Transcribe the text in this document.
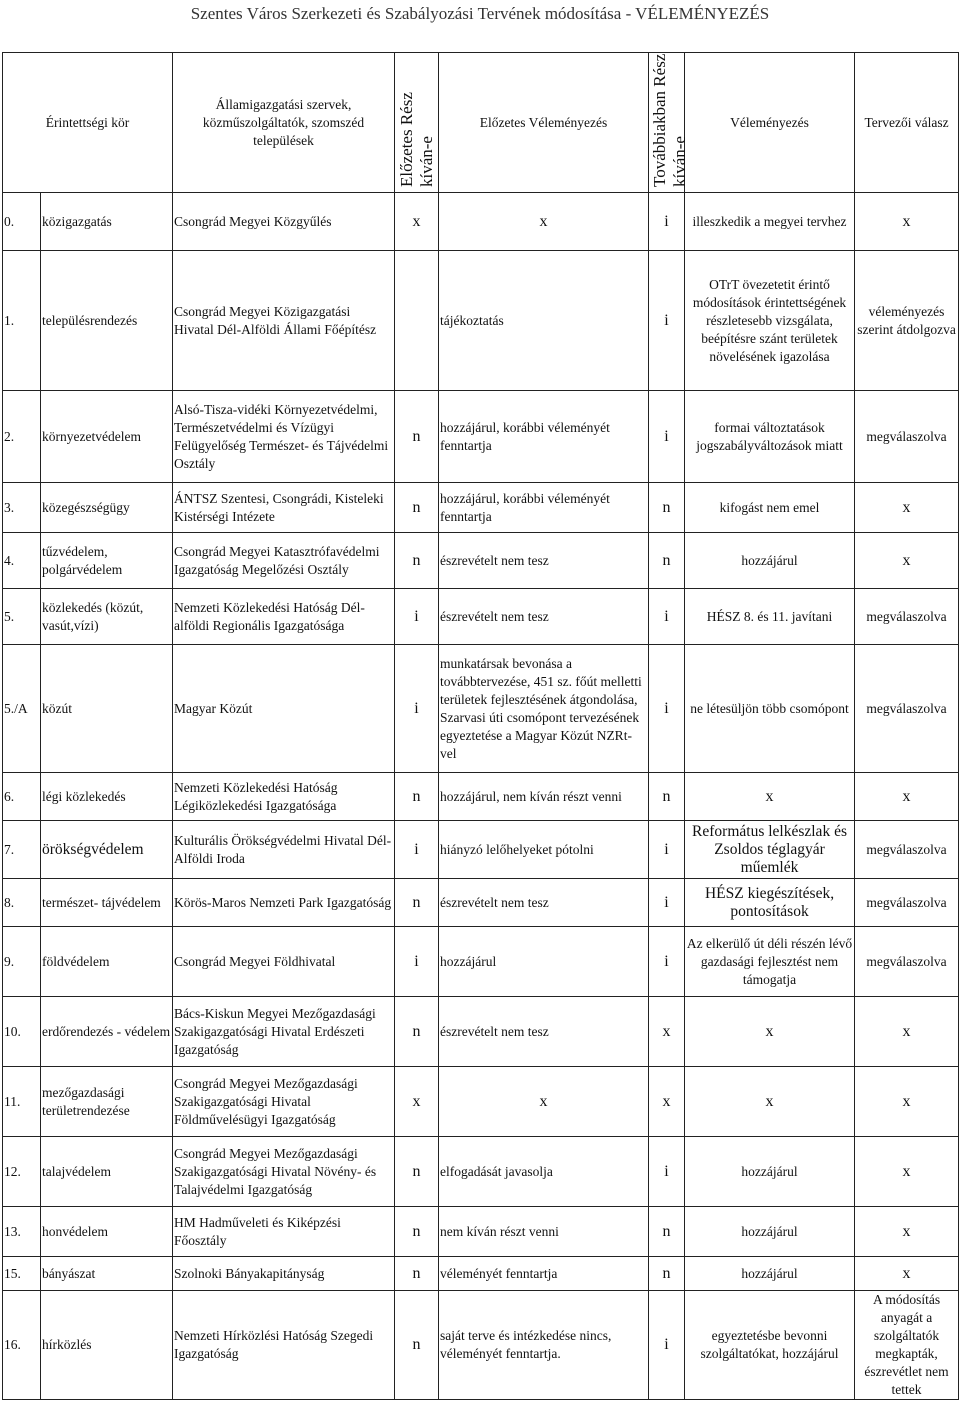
Szentes Város Szerkezeti és Szabályozási Tervének módosítása - VÉLEMÉNYEZÉS
Érintettségi kör		Államigazgatási szervek, közműszolgáltatók, szomszéd települések	Előzetes Rész kíván-e	Előzetes Véleményezés	Továbbiakban Rész kíván-e	Véleményezés	Tervezői válasz
0.	közigazgatás	Csongrád Megyei Közgyűlés	x	x	i	illeszkedik a megyei tervhez	x
1.	településrendezés	Csongrád Megyei Közigazgatási Hivatal Dél-Alföldi Állami Főépítész		tájékoztatás	i	OTrT övezetetit érintő módosítások érintettségének részletesebb vizsgálata, beépítésre szánt területek növelésének igazolása	véleményezés szerint átdolgozva
2.	környezetvédelem	Alsó-Tisza-vidéki Környezetvédelmi, Természetvédelmi és Vízügyi Felügyelőség Természet- és Tájvédelmi Osztály	n	hozzájárul, korábbi véleményét fenntartja	i	formai változtatások jogszabályváltozások miatt	megválaszolva
3.	közegészségügy	ÁNTSZ Szentesi, Csongrádi, Kisteleki Kistérségi Intézete	n	hozzájárul, korábbi véleményét fenntartja	n	kifogást nem emel	x
4.	tűzvédelem, polgárvédelem	Csongrád Megyei Katasztrófavédelmi Igazgatóság Megelőzési Osztály	n	észrevételt nem tesz	n	hozzájárul	x
5.	közlekedés (közút, vasút,vízi)	Nemzeti Közlekedési Hatóság Dél-alföldi Regionális Igazgatósága	i	észrevételt nem tesz	i	HÉSZ 8. és 11. javítani	megválaszolva
5./A	közút	Magyar Közút	i	munkatársak bevonása a továbbtervezése, 451 sz. főút melletti területek fejlesztésének átgondolása, Szarvasi úti csomópont tervezésének egyeztetése a Magyar Közút NZRt-vel	i	ne létesüljön több csomópont	megválaszolva
6.	légi közlekedés	Nemzeti Közlekedési Hatóság Légiközlekedési Igazgatósága	n	hozzájárul, nem kíván részt venni	n	x	x
7.	örökségvédelem	Kulturális Örökségvédelmi Hivatal Dél-Alföldi Iroda	i	hiányzó lelőhelyeket pótolni	i	Református lelkészlak és Zsoldos téglagyár műemlék	megválaszolva
8.	természet- tájvédelem	Körös-Maros Nemzeti Park Igazgatóság	n	észrevételt nem tesz	i	HÉSZ kiegészítések, pontosítások	megválaszolva
9.	földvédelem	Csongrád Megyei Földhivatal	i	hozzájárul	i	Az elkerülő út déli részén lévő gazdasági fejlesztést nem támogatja	megválaszolva
10.	erdőrendezés - védelem	Bács-Kiskun Megyei Mezőgazdasági Szakigazgatósági Hivatal Erdészeti Igazgatóság	n	észrevételt nem tesz	x	x	x
11.	mezőgazdasági területrendezése	Csongrád Megyei Mezőgazdasági Szakigazgatósági Hivatal Földművelésügyi Igazgatóság	x	x	x	x	x
12.	talajvédelem	Csongrád Megyei Mezőgazdasági Szakigazgatósági Hivatal Növény- és Talajvédelmi Igazgatóság	n	elfogadását javasolja	i	hozzájárul	x
13.	honvédelem	HM Hadműveleti és Kiképzési Főosztály	n	nem kíván részt venni	n	hozzájárul	x
15.	bányászat	Szolnoki Bányakapitányság	n	véleményét fenntartja	n	hozzájárul	x
16.	hírközlés	Nemzeti Hírközlési Hatóság Szegedi Igazgatóság	n	saját terve és intézkedése nincs, véleményét fenntartja.	i	egyeztetésbe bevonni szolgáltatókat, hozzájárul	A módosítás anyagát a szolgáltatók megkapták, észrevétlet nem tettek
